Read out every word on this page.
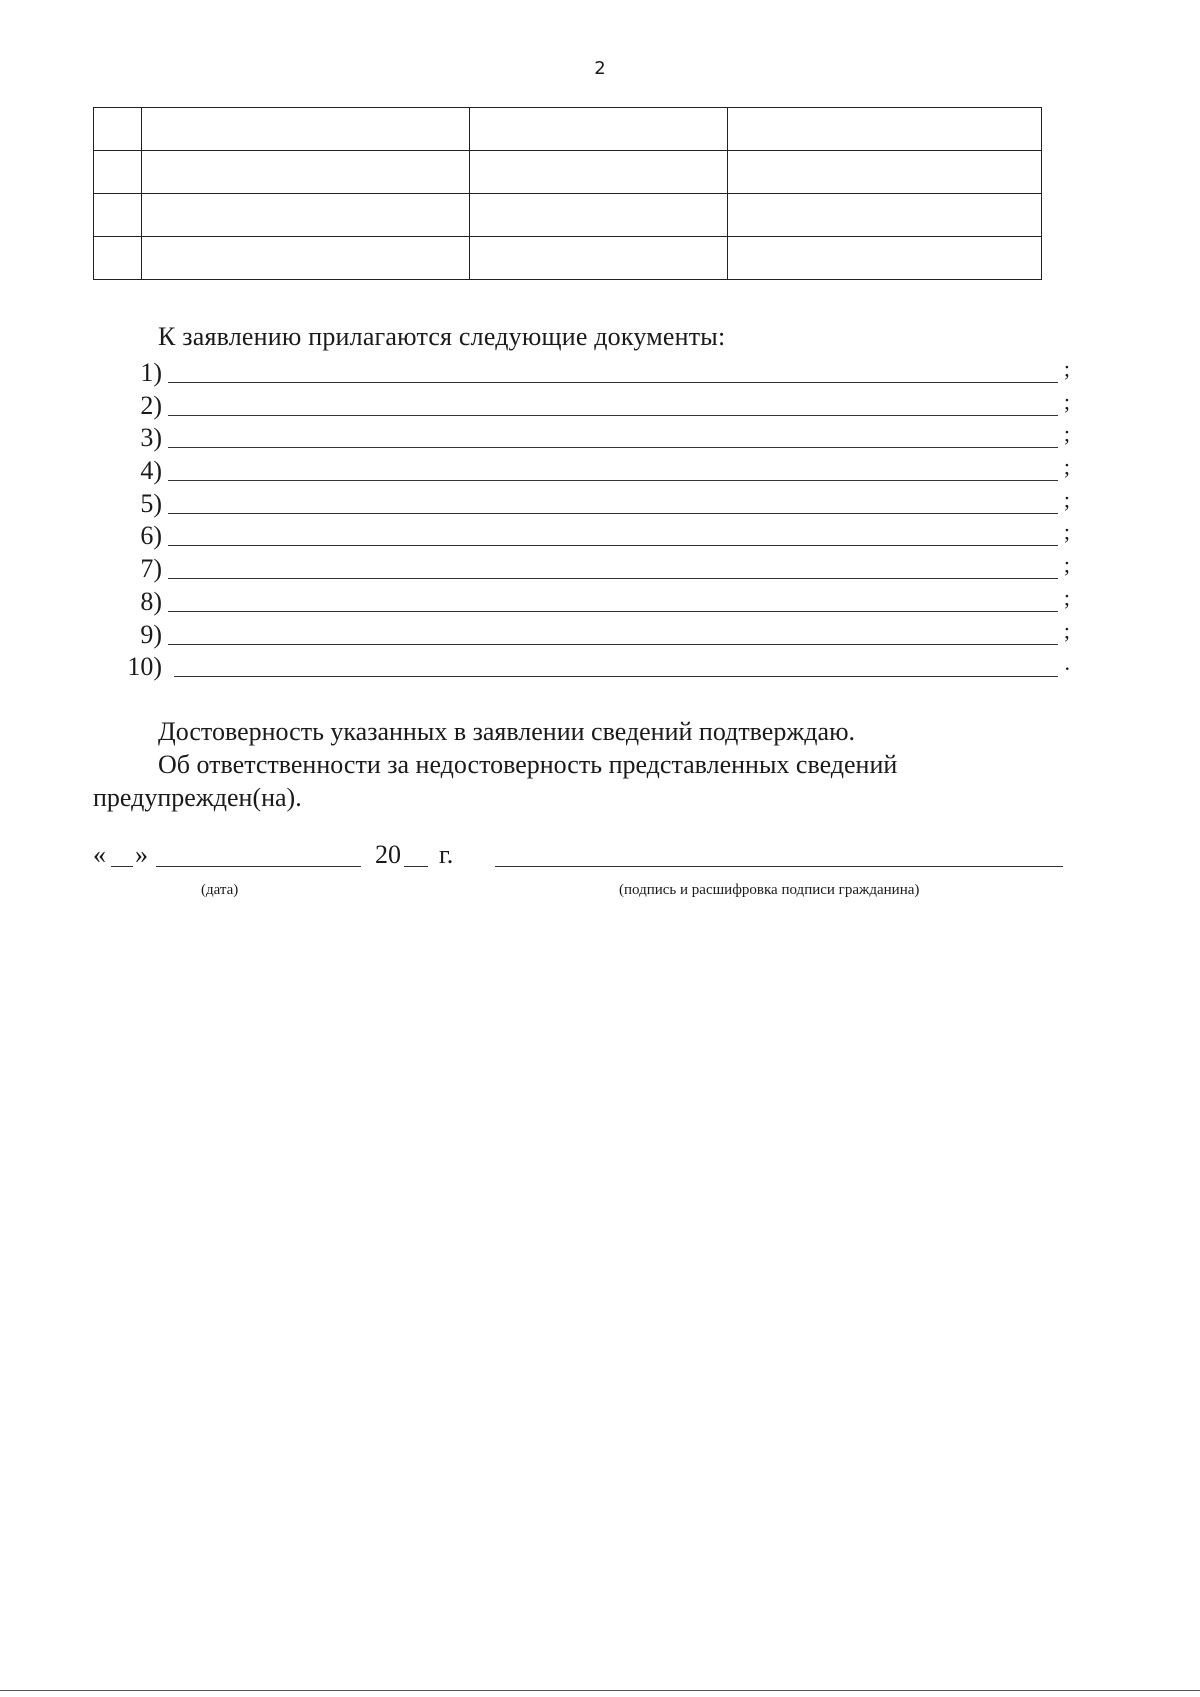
2

К заявлению прилагаются следующие документы:
1)	;
2)	;
3)	;
4)	;
5)	;
6)	;
7)	;
8)	;
9)	;
10)	.
Достоверность указанных в заявлении сведений подтверждаю.
Об ответственности за недостоверность представленных сведений
предупрежден(на).
« »	20 г.
(дата)	(подпись и расшифровка подписи гражданина)
